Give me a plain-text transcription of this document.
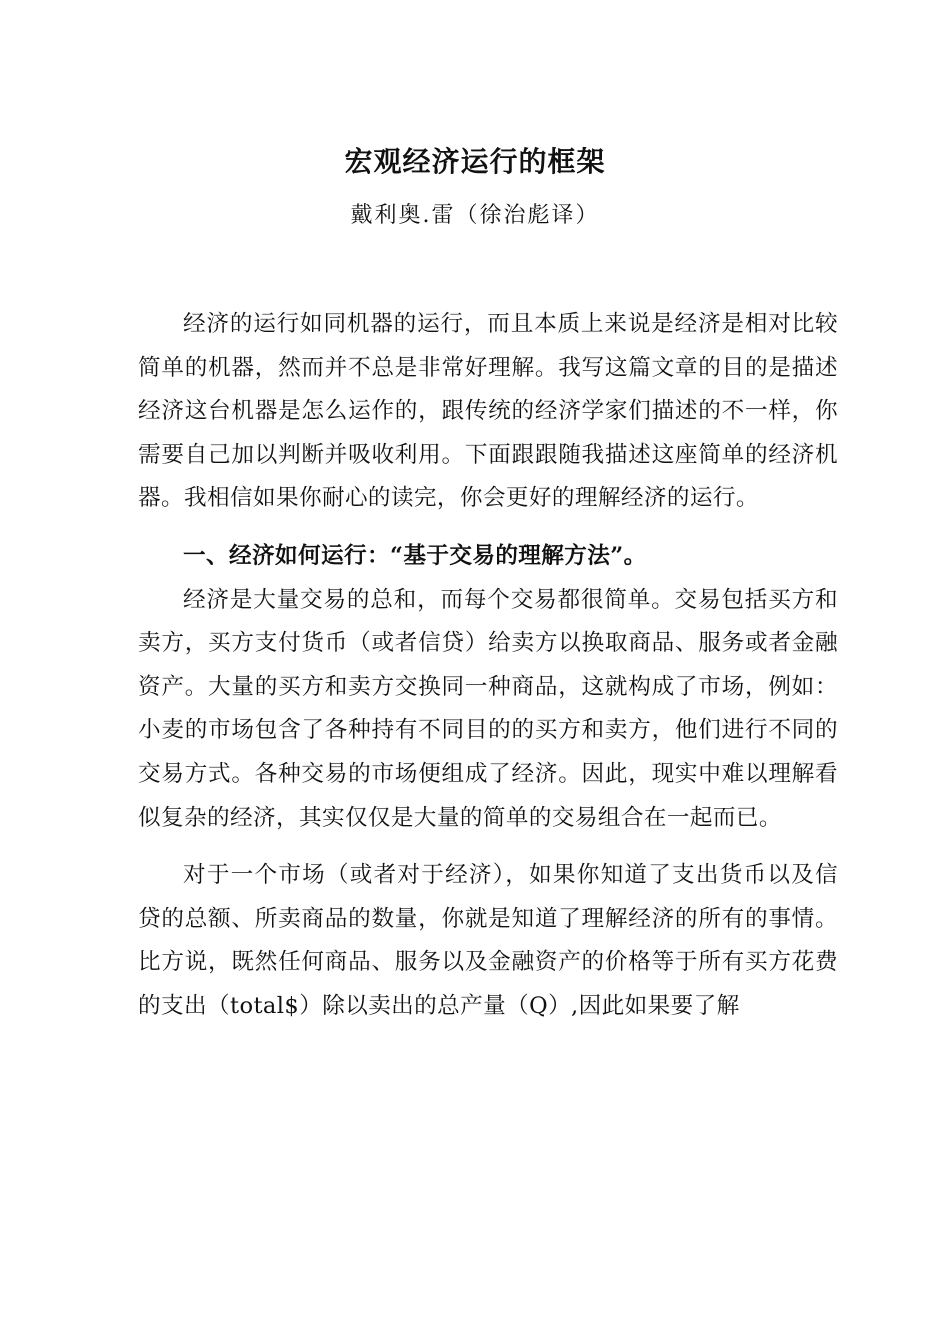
宏观经济运行的框架
戴利奥.雷（徐治彪译）

经济的运行如同机器的运行，而且本质上来说是经济是相对比较简单的机器，然而并不总是非常好理解。我写这篇文章的目的是描述经济这台机器是怎么运作的，跟传统的经济学家们描述的不一样，你需要自己加以判断并吸收利用。下面跟跟随我描述这座简单的经济机器。我相信如果你耐心的读完，你会更好的理解经济的运行。

一、经济如何运行：“基于交易的理解方法”。

经济是大量交易的总和，而每个交易都很简单。交易包括买方和卖方，买方支付货币（或者信贷）给卖方以换取商品、服务或者金融资产。大量的买方和卖方交换同一种商品，这就构成了市场，例如：小麦的市场包含了各种持有不同目的的买方和卖方，他们进行不同的交易方式。各种交易的市场便组成了经济。因此，现实中难以理解看似复杂的经济，其实仅仅是大量的简单的交易组合在一起而已。

对于一个市场（或者对于经济），如果你知道了支出货币以及信贷的总额、所卖商品的数量，你就是知道了理解经济的所有的事情。比方说，既然任何商品、服务以及金融资产的价格等于所有买方花费的支出（total$）除以卖出的总产量（Q）,因此如果要了解
